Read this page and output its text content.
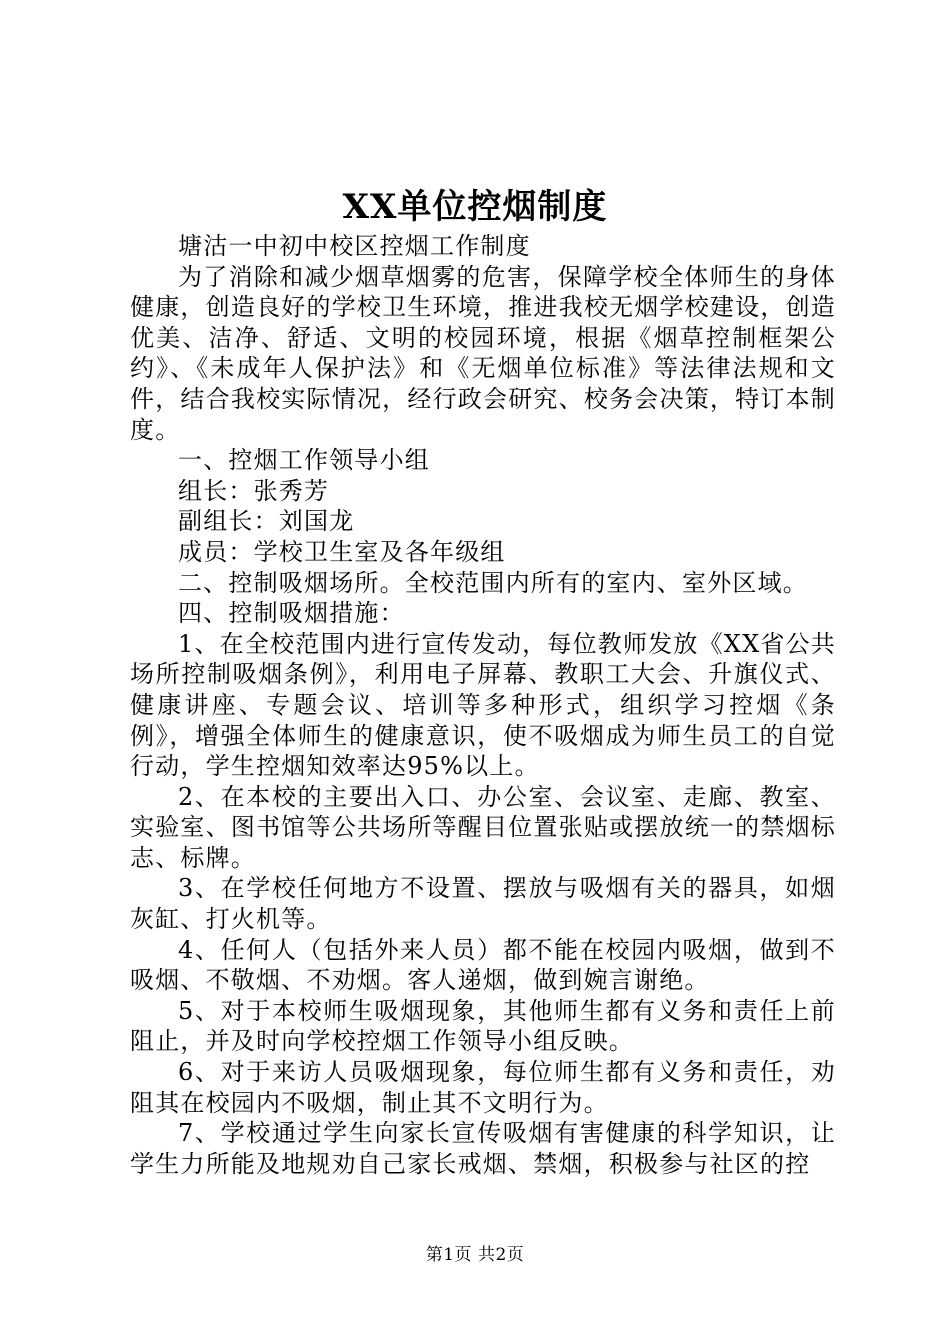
XX单位控烟制度

塘沽一中初中校区控烟工作制度

为了消除和减少烟草烟雾的危害，保障学校全体师生的身体健康，创造良好的学校卫生环境，推进我校无烟学校建设，创造优美、洁净、舒适、文明的校园环境，根据《烟草控制框架公约》、《未成年人保护法》和《无烟单位标准》等法律法规和文件，结合我校实际情况，经行政会研究、校务会决策，特订本制度。

一、控烟工作领导小组

组长：张秀芳

副组长：刘国龙

成员：学校卫生室及各年级组

二、控制吸烟场所。全校范围内所有的室内、室外区域。

四、控制吸烟措施：

1、在全校范围内进行宣传发动，每位教师发放《XX省公共场所控制吸烟条例》，利用电子屏幕、教职工大会、升旗仪式、健康讲座、专题会议、培训等多种形式，组织学习控烟《条例》，增强全体师生的健康意识，使不吸烟成为师生员工的自觉行动，学生控烟知效率达95%以上。

2、在本校的主要出入口、办公室、会议室、走廊、教室、实验室、图书馆等公共场所等醒目位置张贴或摆放统一的禁烟标志、标牌。

3、在学校任何地方不设置、摆放与吸烟有关的器具，如烟灰缸、打火机等。

4、任何人（包括外来人员）都不能在校园内吸烟，做到不吸烟、不敬烟、不劝烟。客人递烟，做到婉言谢绝。

5、对于本校师生吸烟现象，其他师生都有义务和责任上前阻止，并及时向学校控烟工作领导小组反映。

6、对于来访人员吸烟现象，每位师生都有义务和责任，劝阻其在校园内不吸烟，制止其不文明行为。

7、学校通过学生向家长宣传吸烟有害健康的科学知识，让学生力所能及地规劝自己家长戒烟、禁烟，积极参与社区的控

第1页 共2页
